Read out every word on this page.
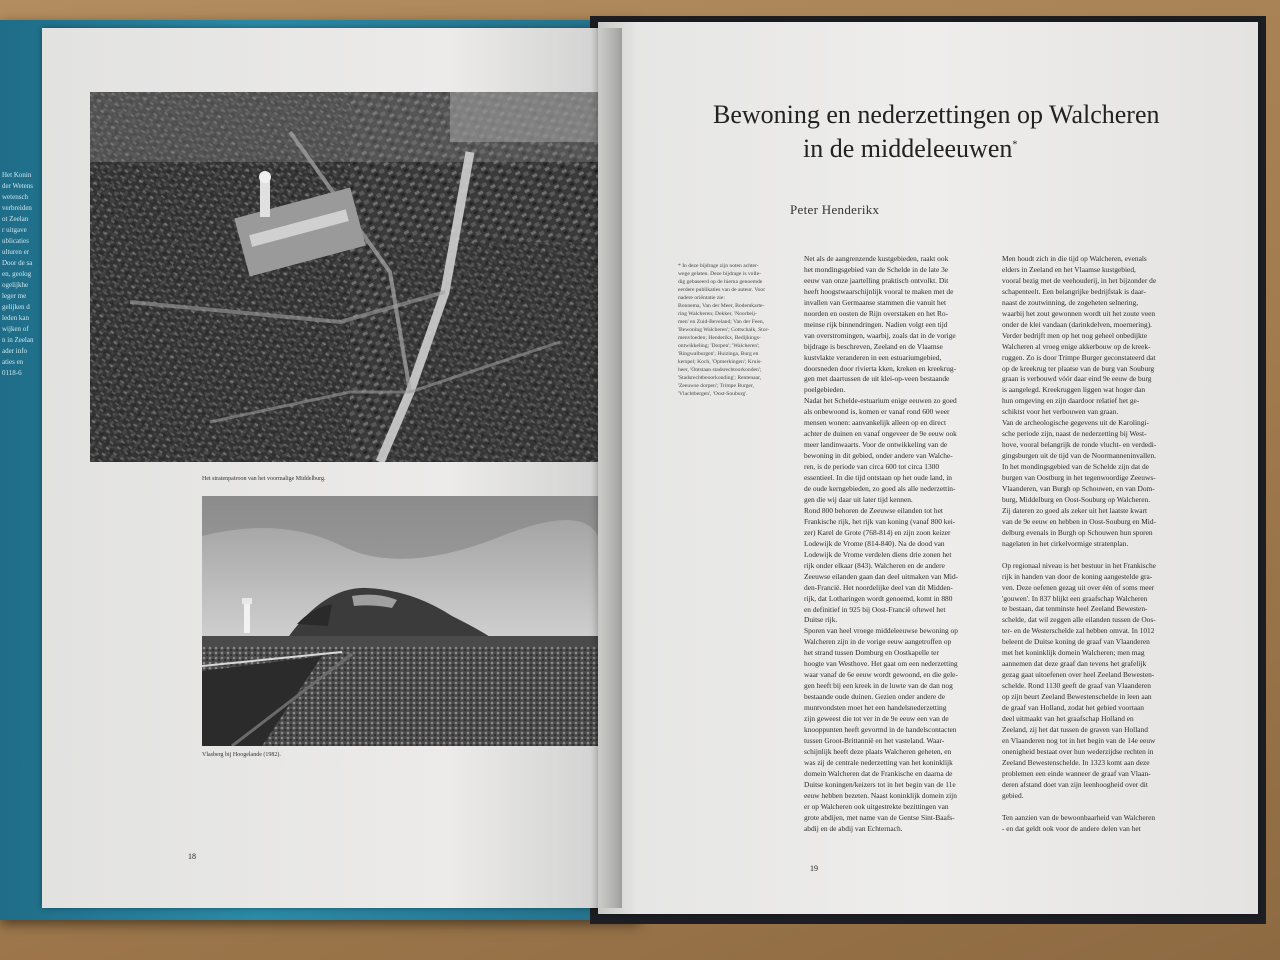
Het Konin
der Wetens
wetensch
verbreiden
ot Zeelan
r uitgave
ublicaties
ulturen er
Door de sa
en, geolog
ogelijkhe
leger me
gelijken d
leden kan
wijken of
n in Zeelan
ader info
aties en
0118-6
Het stratenpatroon van het voormalige Middelburg.
Vlasberg bij Hoogelande (1982).
18
Bewoning en nederzettingen op Walcheren
in de middeleeuwen*
Peter Henderikx
* In deze bijdrage zijn noten achter-
wege gelaten. Deze bijdrage is volle-
dig gebaseerd op de hierna genoemde
eerdere publikaties van de auteur. Voor
nadere oriëntatie zie:
Bonnema, Van der Meer, Bodemkarte-
ring Walcheren; Dekker, 'Noorbeij-
men' en Zuid-Beveland; Van der Feen,
'Bewoning Walcheren'; Gottschalk, Stor-
menvloeden; Henderikx, Bedijkings-
ontwikkeling; 'Dorpen'; 'Walcheren';
'Ringwalburgen'; Huizinga, Burg en
kerspel; Koch, 'Opmerkingen'; Kruis-
heer, 'Ontstaan stadsrechtoorkonden';
'Stadsrechtbeoorkonding'; Rentenaar,
'Zeeuwse dorpen'; Trimpe Burger,
'Vlachtbergen', 'Oost-Souburg'.
Net als de aangrenzende kustgebieden, raakt ook
het mondingsgebied van de Schelde in de late 3e
eeuw van onze jaartelling praktisch ontvolkt. Dit
heeft hoogstwaarschijnlijk vooral te maken met de
invallen van Germaanse stammen die vanuit het
noorden en oosten de Rijn overstaken en het Ro-
meinse rijk binnendringen. Nadien volgt een tijd
van overstromingen, waarbij, zoals dat in de vorige
bijdrage is beschreven, Zeeland en de Vlaamse
kustvlakte veranderen in een estuariumgebied,
doorsneden door rivierta kken, kreken en kreekrug-
gen met daartussen de uit klei-op-veen bestaande
poelgebieden.
Nadat het Schelde-estuarium enige eeuwen zo goed
als onbewoond is, komen er vanaf rond 600 weer
mensen wonen: aanvankelijk alleen op en direct
achter de duinen en vanaf ongeveer de 9e eeuw ook
meer landinwaarts. Voor de ontwikkeling van de
bewoning in dit gebied, onder andere van Walche-
ren, is de periode van circa 600 tot circa 1300
essentieel. In die tijd ontstaan op het oude land, in
de oude kerngebieden, zo goed als alle nederzettin-
gen die wij daar uit later tijd kennen.
Rond 800 behoren de Zeeuwse eilanden tot het
Frankische rijk, het rijk van koning (vanaf 800 kei-
zer) Karel de Grote (768-814) en zijn zoon keizer
Lodewijk de Vrome (814-840). Na de dood van
Lodewijk de Vrome verdelen diens drie zonen het
rijk onder elkaar (843). Walcheren en de andere
Zeeuwse eilanden gaan dan deel uitmaken van Mid-
den-Francië. Het noordelijke deel van dit Midden-
rijk, dat Lotharingen wordt genoemd, komt in 880
en definitief in 925 bij Oost-Francië oftewel het
Duitse rijk.
Sporen van heel vroege middeleeuwse bewoning op
Walcheren zijn in de vorige eeuw aangetroffen op
het strand tussen Domburg en Oostkapelle ter
hoogte van Westhove. Het gaat om een nederzetting
waar vanaf de 6e eeuw wordt gewoond, en die gele-
gen heeft bij een kreek in de luwte van de dan nog
bestaande oude duinen. Gezien onder andere de
muntvondsten moet het een handelsnederzetting
zijn geweest die tot ver in de 9e eeuw een van de
knooppunten heeft gevormd in de handelscontacten
tussen Groot-Brittannië en het vasteland. Waar-
schijnlijk heeft deze plaats Walcheren geheten, en
was zij de centrale nederzetting van het koninklijk
domein Walcheren dat de Frankische en daarna de
Duitse koningen/keizers tot in het begin van de 11e
eeuw hebben bezeten. Naast koninklijk domein zijn
er op Walcheren ook uitgestrekte bezittingen van
grote abdijen, met name van de Gentse Sint-Baafs-
abdij en de abdij van Echternach.
Men houdt zich in die tijd op Walcheren, evenals
elders in Zeeland en het Vlaamse kustgebied,
vooral bezig met de veehouderij, in het bijzonder de
schapenteelt. Een belangrijke bedrijfstak is daar-
naast de zoutwinning, de zogeheten selnering,
waarbij het zout gewonnen wordt uit het zoute veen
onder de klei vandaan (darinkdelven, moernering).
Verder bedrijft men op het nog geheel onbedijkte
Walcheren al vroeg enige akkerbouw op de kreek-
ruggen. Zo is door Trimpe Burger geconstateerd dat
op de kreekrug ter plaatse van de burg van Souburg
graan is verbouwd vóór daar eind 9e eeuw de burg
is aangelegd. Kreekruggen liggen wat hoger dan
hun omgeving en zijn daardoor relatief het ge-
schiktst voor het verbouwen van graan.
Van de archeologische gegevens uit de Karolingi-
sche periode zijn, naast de nederzetting bij West-
hove, vooral belangrijk de ronde vlucht- en verdedi-
gingsburgen uit de tijd van de Noormanneninvallen.
In het mondingsgebied van de Schelde zijn dat de
burgen van Oostburg in het tegenwoordige Zeeuws-
Vlaanderen, van Burgh op Schouwen, en van Dom-
burg, Middelburg en Oost-Souburg op Walcheren.
Zij dateren zo goed als zeker uit het laatste kwart
van de 9e eeuw en hebben in Oost-Souburg en Mid-
delburg evenals in Burgh op Schouwen hun sporen
nagelaten in het cirkelvormige stratenplan.
Op regionaal niveau is het bestuur in het Frankische
rijk in handen van door de koning aangestelde gra-
ven. Deze oefenen gezag uit over één of soms meer
'gouwen'. In 837 blijkt een graafschap Walcheren
te bestaan, dat tenminste heel Zeeland Bewesten-
schelde, dat wil zeggen alle eilanden tussen de Oos-
ter- en de Westerschelde zal hebben omvat. In 1012
beleent de Duitse koning de graaf van Vlaanderen
met het koninklijk domein Walcheren; men mag
aannemen dat deze graaf dan tevens het grafelijk
gezag gaat uitoefenen over heel Zeeland Bewesten-
schelde. Rond 1130 geeft de graaf van Vlaanderen
op zijn beurt Zeeland Bewestenschelde in leen aan
de graaf van Holland, zodat het gebied voortaan
deel uitmaakt van het graafschap Holland en
Zeeland, zij het dat tussen de graven van Holland
en Vlaanderen nog tot in het begin van de 14e eeuw
onenigheid bestaat over hun wederzijdse rechten in
Zeeland Bewestenschelde. In 1323 komt aan deze
problemen een einde wanneer de graaf van Vlaan-
deren afstand doet van zijn leenhoogheid over dit
gebied.
Ten aanzien van de bewoonbaarheid van Walcheren
- en dat geldt ook voor de andere delen van het
19
